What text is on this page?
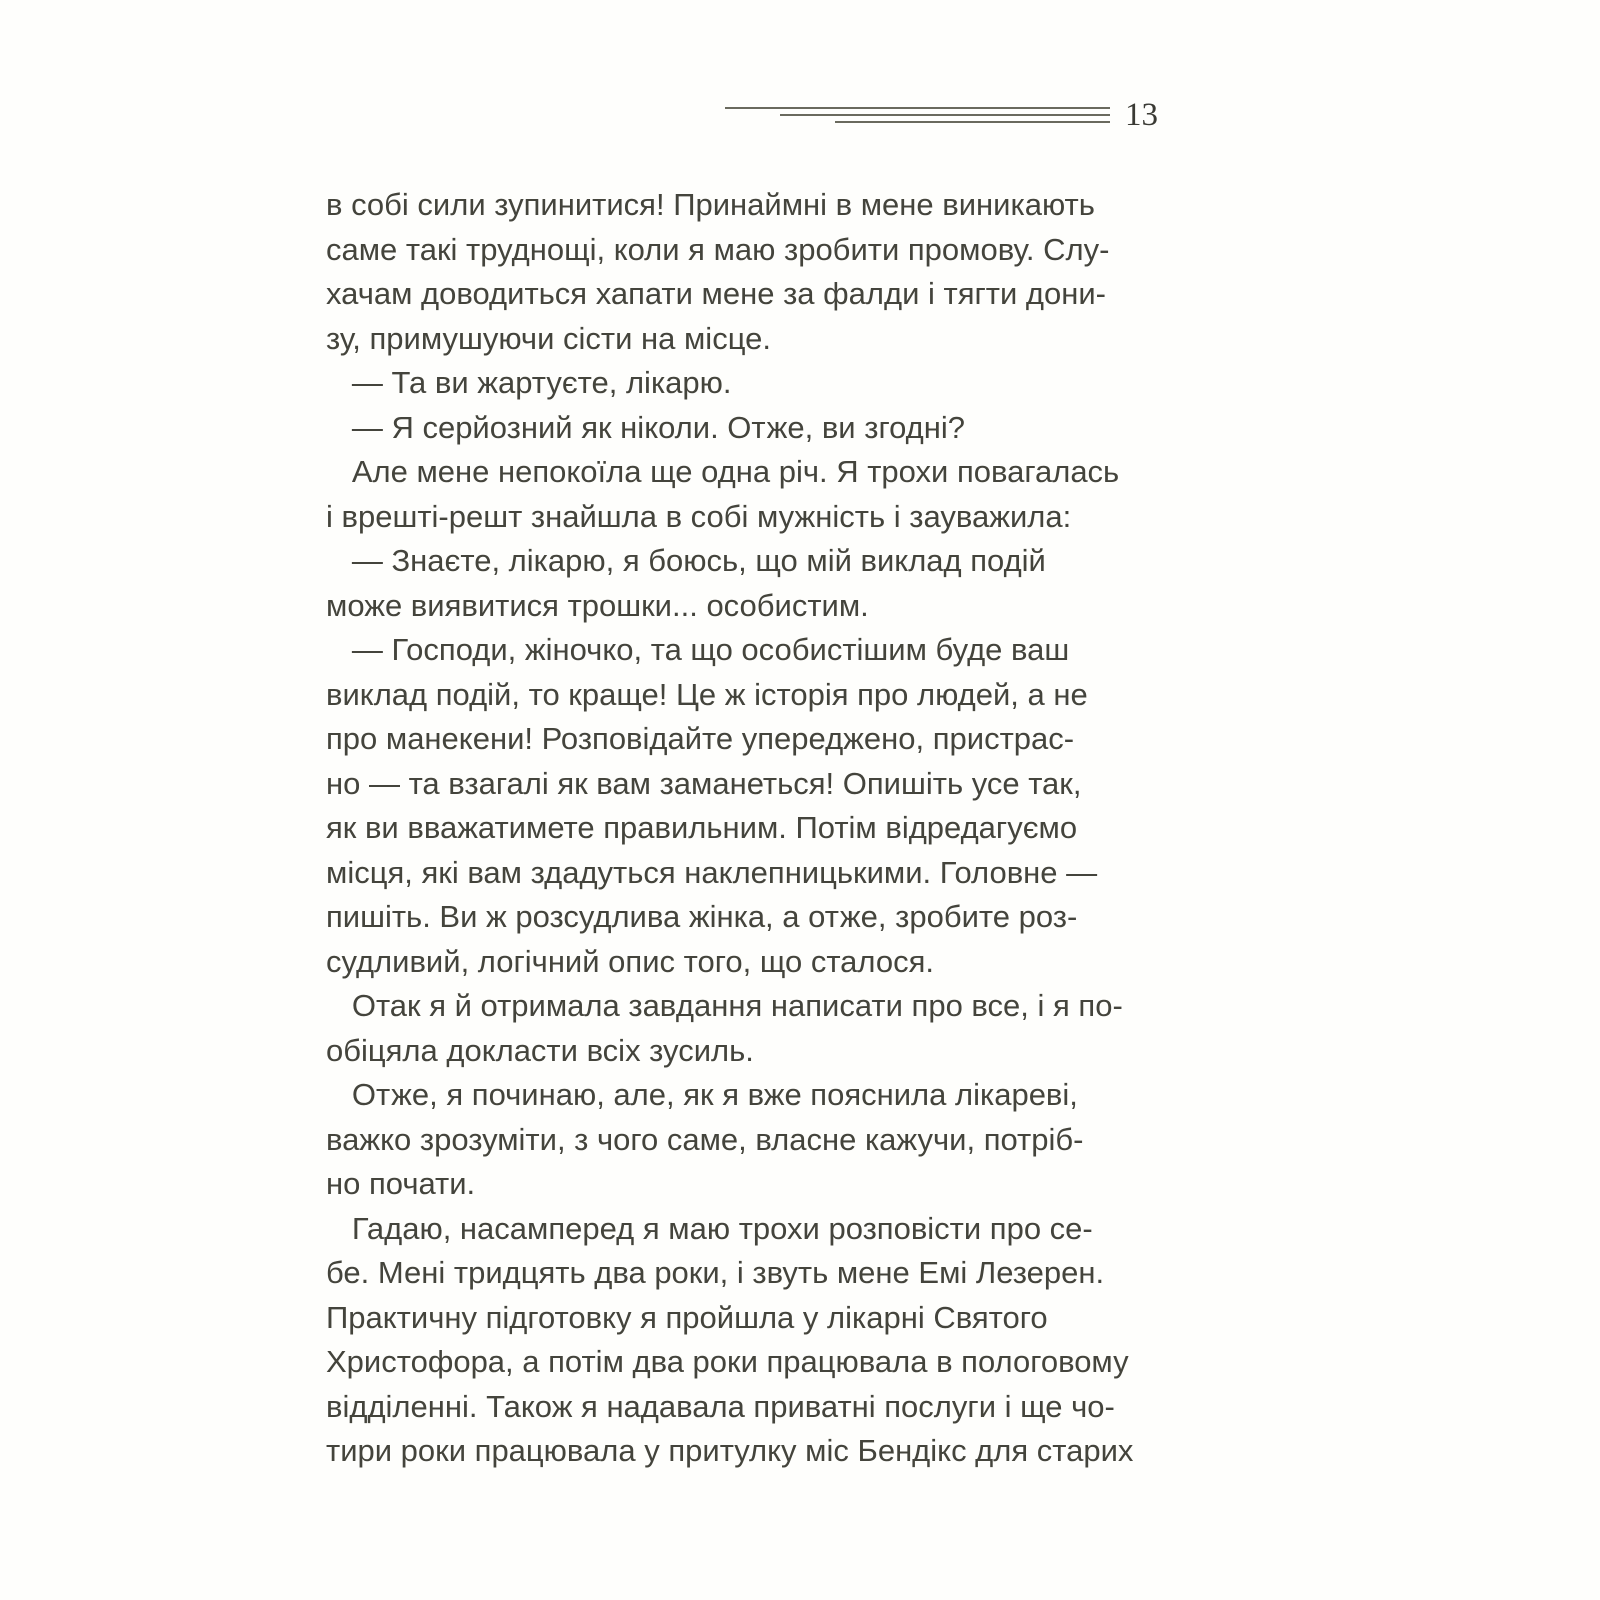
13

в собі сили зупинитися! Принаймні в мене виникають

саме такі труднощі, коли я маю зробити промову. Слу-

хачам доводиться хапати мене за фалди і тягти дони-

зу, примушуючи сісти на місце.

— Та ви жартуєте, лікарю.

— Я серйозний як ніколи. Отже, ви згодні?

Але мене непокоїла ще одна річ. Я трохи повагалась

і врешті-решт знайшла в собі мужність і зауважила:

— Знаєте, лікарю, я боюсь, що мій виклад подій

може виявитися трошки... особистим.

— Господи, жіночко, та що особистішим буде ваш

виклад подій, то краще! Це ж історія про людей, а не

про манекени! Розповідайте упереджено, пристрас-

но — та взагалі як вам заманеться! Опишіть усе так,

як ви вважатимете правильним. Потім відредагуємо

місця, які вам здадуться наклепницькими. Головне —

пишіть. Ви ж розсудлива жінка, а отже, зробите роз-

судливий, логічний опис того, що сталося.

Отак я й отримала завдання написати про все, і я по-

обіцяла докласти всіх зусиль.

Отже, я починаю, але, як я вже пояснила лікареві,

важко зрозуміти, з чого саме, власне кажучи, потріб-

но почати.

Гадаю, насамперед я маю трохи розповісти про се-

бе. Мені тридцять два роки, і звуть мене Емі Лезерен.

Практичну підготовку я пройшла у лікарні Святого

Христофора, а потім два роки працювала в пологовому

відділенні. Також я надавала приватні послуги і ще чо-

тири роки працювала у притулку міс Бендікс для старих
